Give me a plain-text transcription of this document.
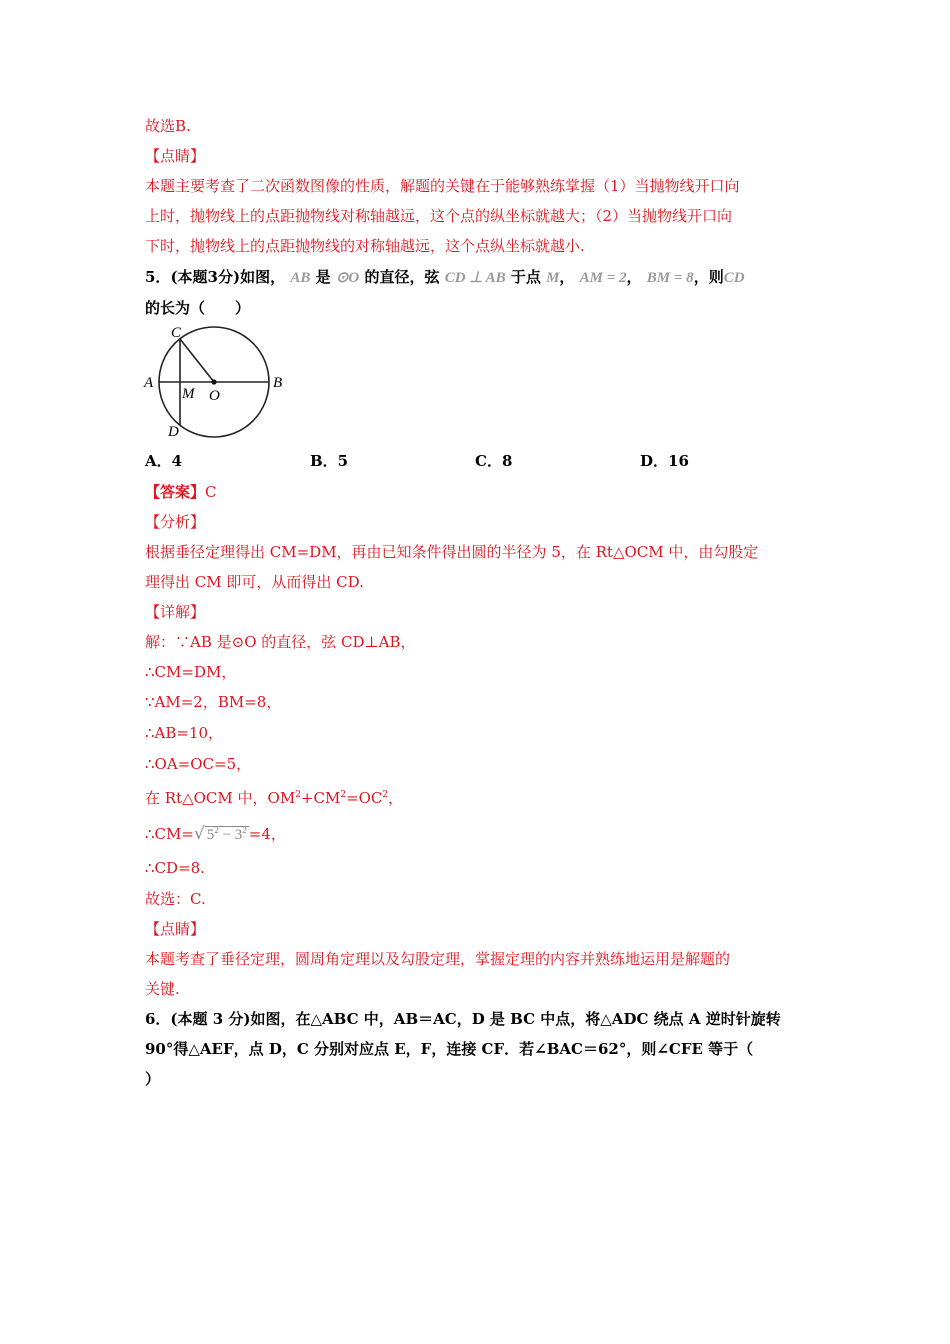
故选B.
【点睛】
本题主要考查了二次函数图像的性质，解题的关键在于能够熟练掌握（1）当抛物线开口向
上时，抛物线上的点距抛物线对称轴越远，这个点的纵坐标就越大；（2）当抛物线开口向
下时，抛物线上的点距抛物线的对称轴越远，这个点纵坐标就越小.
5．(本题3分)如图， AB 是 ⊙O 的直径，弦 CD ⊥ AB 于点 M， AM = 2， BM = 8，则CD
的长为（　　）
A	B
C
D
M O
A．4	B．5	C．8	D．16
【答案】C
【分析】
根据垂径定理得出 CM=DM，再由已知条件得出圆的半径为 5，在 Rt△OCM 中，由勾股定
理得出 CM 即可，从而得出 CD.
【详解】
解：∵AB 是⊙O 的直径，弦 CD⊥AB，
∴CM=DM，
∵AM=2，BM=8，
∴AB=10，
∴OA=OC=5，
在 Rt△OCM 中，$OM^2+CM^2=OC^2$，
∴CM=√ $5^2 - 3^2 =4$，
∴CD=8.
故选：C.
【点睛】
本题考查了垂径定理，圆周角定理以及勾股定理，掌握定理的内容并熟练地运用是解题的
关键.
6．(本题 3 分)如图，在△ABC 中，AB＝AC，D 是 BC 中点，将△ADC 绕点 A 逆时针旋转
90°得△AEF，点 D，C 分别对应点 E，F，连接 CF．若∠BAC＝62°，则∠CFE 等于（
）
